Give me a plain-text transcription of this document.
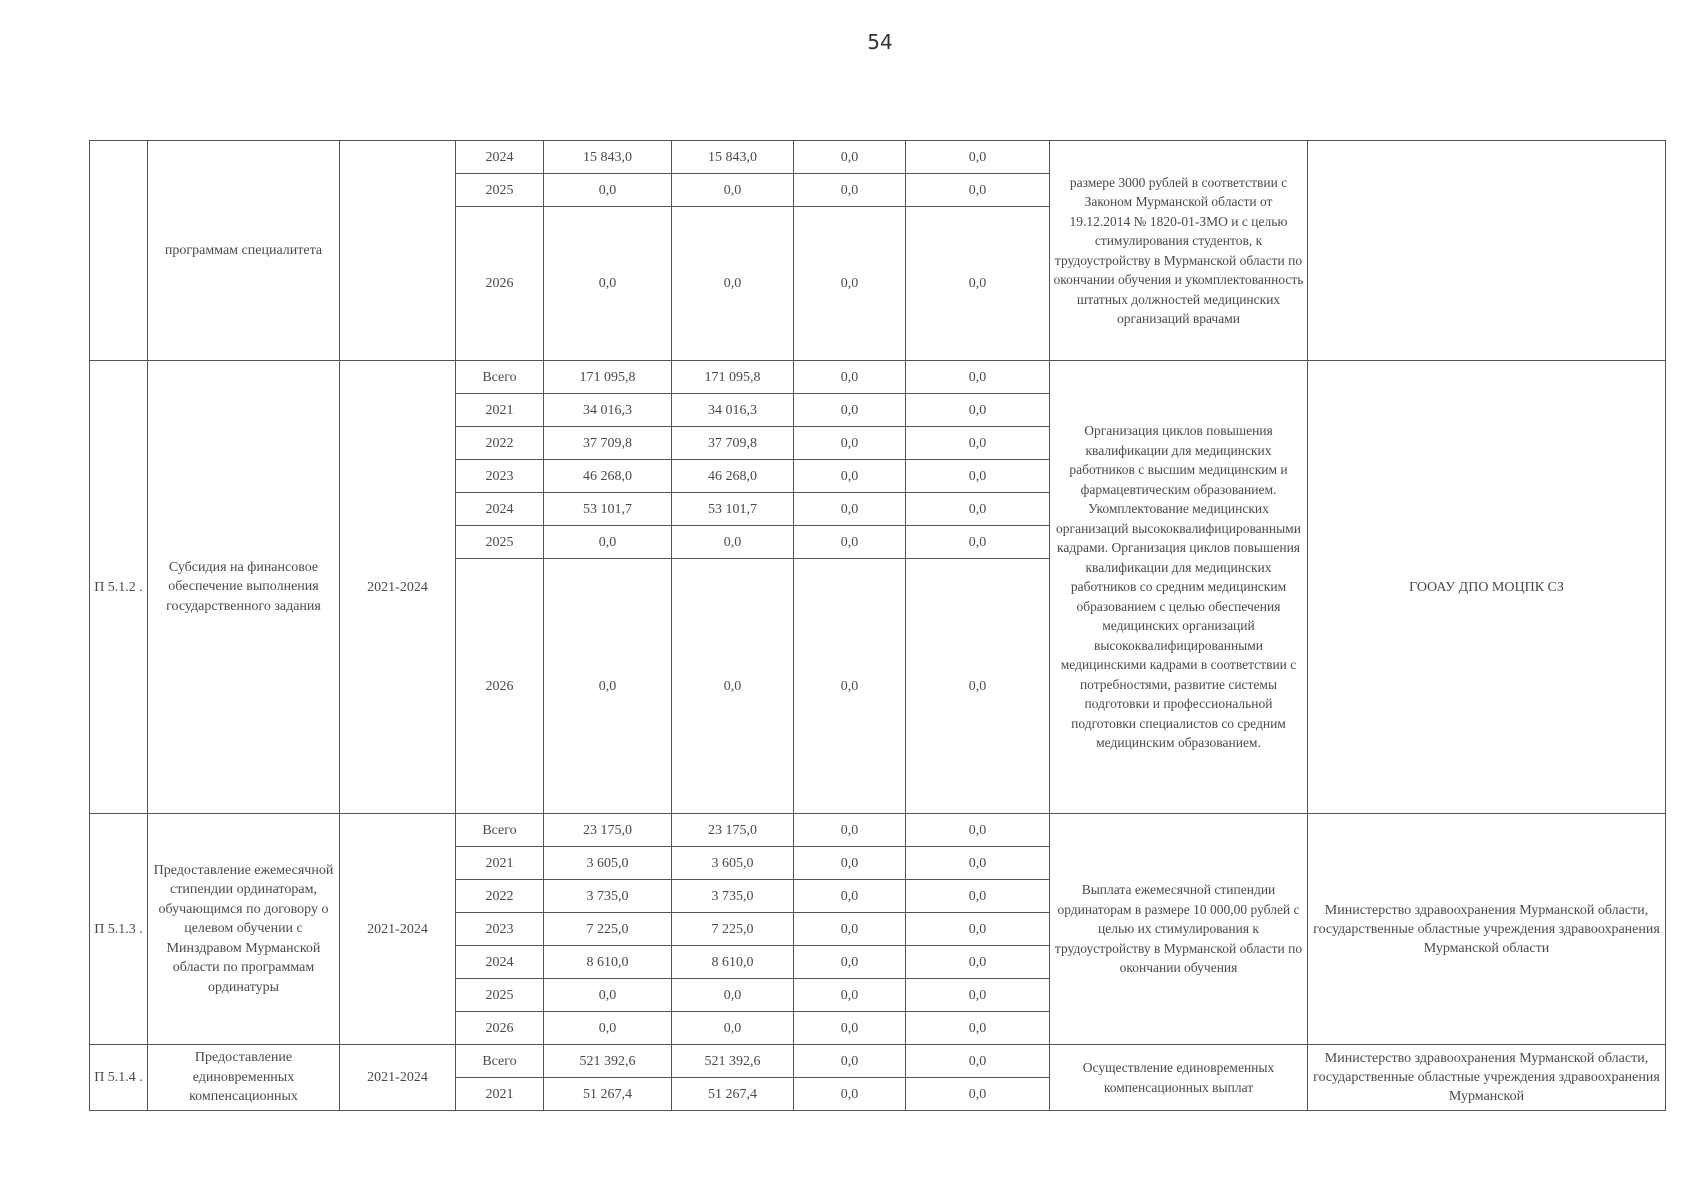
54
	программам специалитета		2024	15 843,0	15 843,0	0,0	0,0	размере 3000 рублей в соответствии с Законом Мурманской области от 19.12.2014 № 1820-01-ЗМО и с целью стимулирования студентов, к трудоустройству в Мурманской области по окончании обучения и укомплектованность штатных должностей медицинских организаций врачами	
			2025	0,0	0,0	0,0	0,0		
			2026	0,0	0,0	0,0	0,0		
П 5.1.2 .	Субсидия на финансовое обеспечение выполнения государственного задания	2021-2024	Всего	171 095,8	171 095,8	0,0	0,0	Организация циклов повышения квалификации для медицинских работников с высшим медицинским и фармацевтическим образованием. Укомплектование медицинских организаций высококвалифицированными кадрами. Организация циклов повышения квалификации для медицинских работников со средним медицинским образованием с целью обеспечения медицинских организаций высококвалифицированными медицинскими кадрами в соответствии с потребностями, развитие системы подготовки и профессиональной подготовки специалистов со средним медицинским образованием.	ГООАУ ДПО МОЦПК СЗ
			2021	34 016,3	34 016,3	0,0	0,0		
			2022	37 709,8	37 709,8	0,0	0,0		
			2023	46 268,0	46 268,0	0,0	0,0		
			2024	53 101,7	53 101,7	0,0	0,0		
			2025	0,0	0,0	0,0	0,0		
			2026	0,0	0,0	0,0	0,0		
П 5.1.3 .	Предоставление ежемесячной стипендии ординаторам, обучающимся по договору о целевом обучении с Минздравом Мурманской области по программам ординатуры	2021-2024	Всего	23 175,0	23 175,0	0,0	0,0	Выплата ежемесячной стипендии ординаторам в размере 10 000,00 рублей с целью их стимулирования к трудоустройству в Мурманской области по окончании обучения	Министерство здравоохранения Мурманской области, государственные областные учреждения здравоохранения Мурманской области
			2021	3 605,0	3 605,0	0,0	0,0		
			2022	3 735,0	3 735,0	0,0	0,0		
			2023	7 225,0	7 225,0	0,0	0,0		
			2024	8 610,0	8 610,0	0,0	0,0		
			2025	0,0	0,0	0,0	0,0		
			2026	0,0	0,0	0,0	0,0		
П 5.1.4 .	Предоставление единовременных компенсационных	2021-2024	Всего	521 392,6	521 392,6	0,0	0,0	Осуществление единовременных компенсационных выплат	Министерство здравоохранения Мурманской области, государственные областные учреждения здравоохранения Мурманской
			2021	51 267,4	51 267,4	0,0	0,0		
